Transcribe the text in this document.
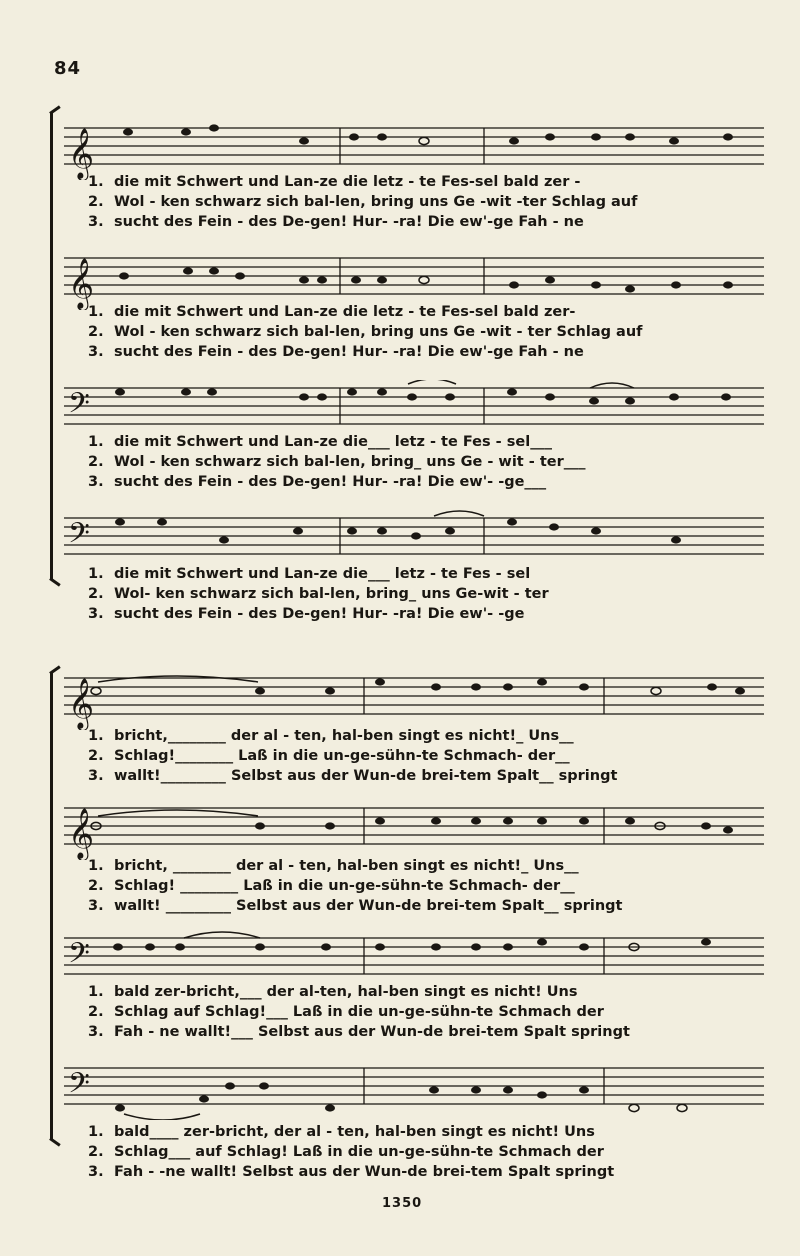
84
𝄞
1. die mit Schwert und Lan-ze die letz - te Fes-sel bald zer -
2. Wol - ken schwarz sich bal-len, bring uns Ge -wit -ter Schlag auf
3. sucht des Fein - des De-gen! Hur- -ra! Die ew'-ge Fah - ne
𝄞
1. die mit Schwert und Lan-ze die letz - te Fes-sel bald zer-
2. Wol - ken schwarz sich bal-len, bring uns Ge -wit - ter Schlag auf
3. sucht des Fein - des De-gen! Hur- -ra! Die ew'-ge Fah - ne
𝄢
1. die mit Schwert und Lan-ze die___ letz - te Fes - sel___
2. Wol - ken schwarz sich bal-len, bring_ uns Ge - wit - ter___
3. sucht des Fein - des De-gen! Hur- -ra! Die ew'- -ge___
𝄢
1. die mit Schwert und Lan-ze die___ letz - te Fes - sel
2. Wol- ken schwarz sich bal-len, bring_ uns Ge-wit - ter
3. sucht des Fein - des De-gen! Hur- -ra! Die ew'- -ge
𝄞
1. bricht,________ der al - ten, hal-ben singt es nicht!_ Uns__
2. Schlag!________ Laß in die un-ge-sühn-te Schmach- der__
3. wallt!_________ Selbst aus der Wun-de brei-tem Spalt__ springt
𝄞
1. bricht, ________ der al - ten, hal-ben singt es nicht!_ Uns__
2. Schlag! ________ Laß in die un-ge-sühn-te Schmach- der__
3. wallt! _________ Selbst aus der Wun-de brei-tem Spalt__ springt
𝄢
1. bald zer-bricht,___ der al-ten, hal-ben singt es nicht! Uns
2. Schlag auf Schlag!___ Laß in die un-ge-sühn-te Schmach der
3. Fah - ne wallt!___ Selbst aus der Wun-de brei-tem Spalt springt
𝄢
1. bald____ zer-bricht, der al - ten, hal-ben singt es nicht! Uns
2. Schlag___ auf Schlag! Laß in die un-ge-sühn-te Schmach der
3. Fah - -ne wallt! Selbst aus der Wun-de brei-tem Spalt springt
1350
